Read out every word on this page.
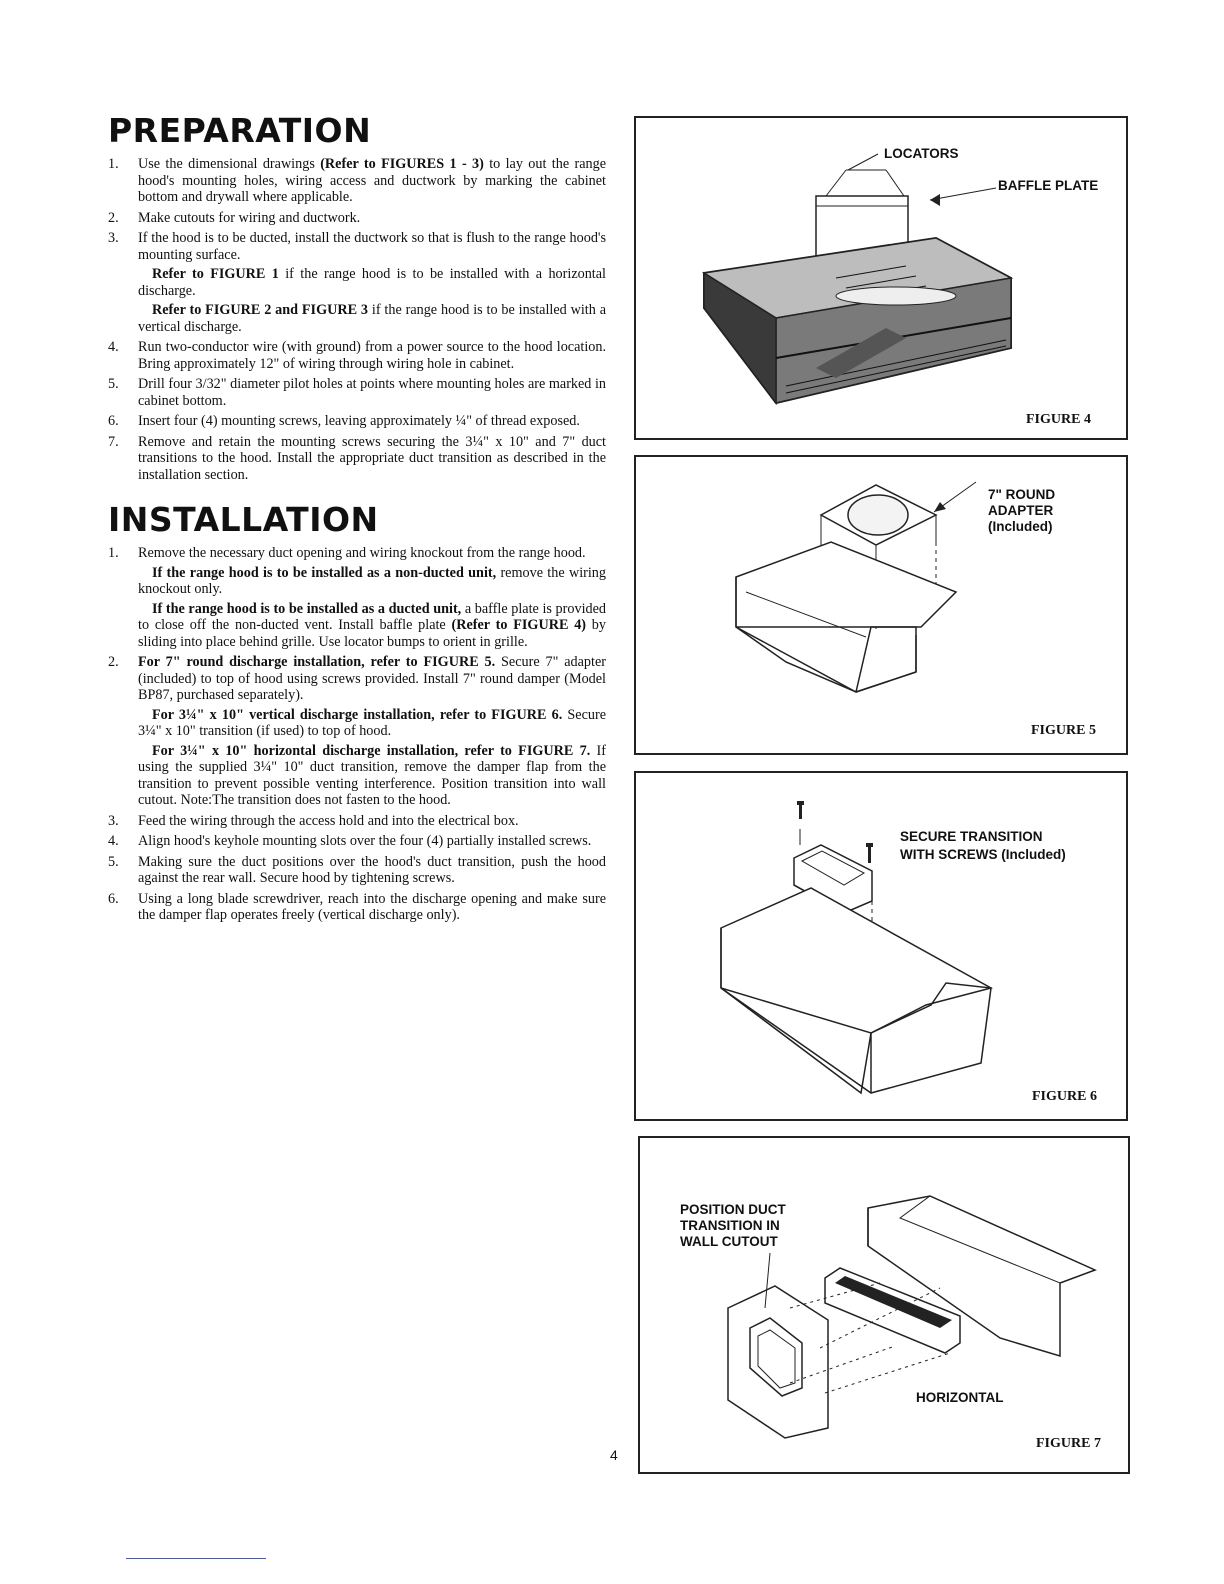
PREPARATION
1. Use the dimensional drawings (Refer to FIGURES 1 - 3) to lay out the range hood's mounting holes, wiring access and ductwork by marking the cabinet bottom and drywall where applicable.

2. Make cutouts for wiring and ductwork.

3. If the hood is to be ducted, install the ductwork so that is flush to the range hood's mounting surface.

Refer to FIGURE 1 if the range hood is to be installed with a horizontal discharge.

Refer to FIGURE 2 and FIGURE 3 if the range hood is to be installed with a vertical discharge.

4. Run two-conductor wire (with ground) from a power source to the hood location. Bring approximately 12" of wiring through wiring hole in cabinet.

5. Drill four 3/32" diameter pilot holes at points where mounting holes are marked in cabinet bottom.

6. Insert four (4) mounting screws, leaving approximately ¼" of thread exposed.

7. Remove and retain the mounting screws securing the 3¼" x 10" and 7" duct transitions to the hood. Install the appropriate duct transition as described in the installation section.

INSTALLATION
1. Remove the necessary duct opening and wiring knockout from the range hood.

If the range hood is to be installed as a non-ducted unit, remove the wiring knockout only.

If the range hood is to be installed as a ducted unit, a baffle plate is provided to close off the non-ducted vent. Install baffle plate (Refer to FIGURE 4) by sliding into place behind grille. Use locator bumps to orient in grille.

2. For 7" round discharge installation, refer to FIGURE 5. Secure 7" adapter (included) to top of hood using screws provided. Install 7" round damper (Model BP87, purchased separately).

For 3¼" x 10" vertical discharge installation, refer to FIGURE 6. Secure 3¼" x 10" transition (if used) to top of hood.

For 3¼" x 10" horizontal discharge installation, refer to FIGURE 7. If using the supplied 3¼" 10" duct transition, remove the damper flap from the transition to prevent possible venting interference. Position transition into wall cutout. Note:The transition does not fasten to the hood.

3. Feed the wiring through the access hold and into the electrical box.

4. Align hood's keyhole mounting slots over the four (4) partially installed screws.

5. Making sure the duct positions over the hood's duct transition, push the hood against the rear wall. Secure hood by tightening screws.

6. Using a long blade screwdriver, reach into the discharge opening and make sure the damper flap operates freely (vertical discharge only).

LOCATORS
BAFFLE PLATE
FIGURE 4
7" ROUND
ADAPTER
(Included)
FIGURE 5
SECURE TRANSITION
WITH SCREWS (Included)
FIGURE 6
POSITION DUCT
TRANSITION IN
WALL CUTOUT
HORIZONTAL
FIGURE 7
4
